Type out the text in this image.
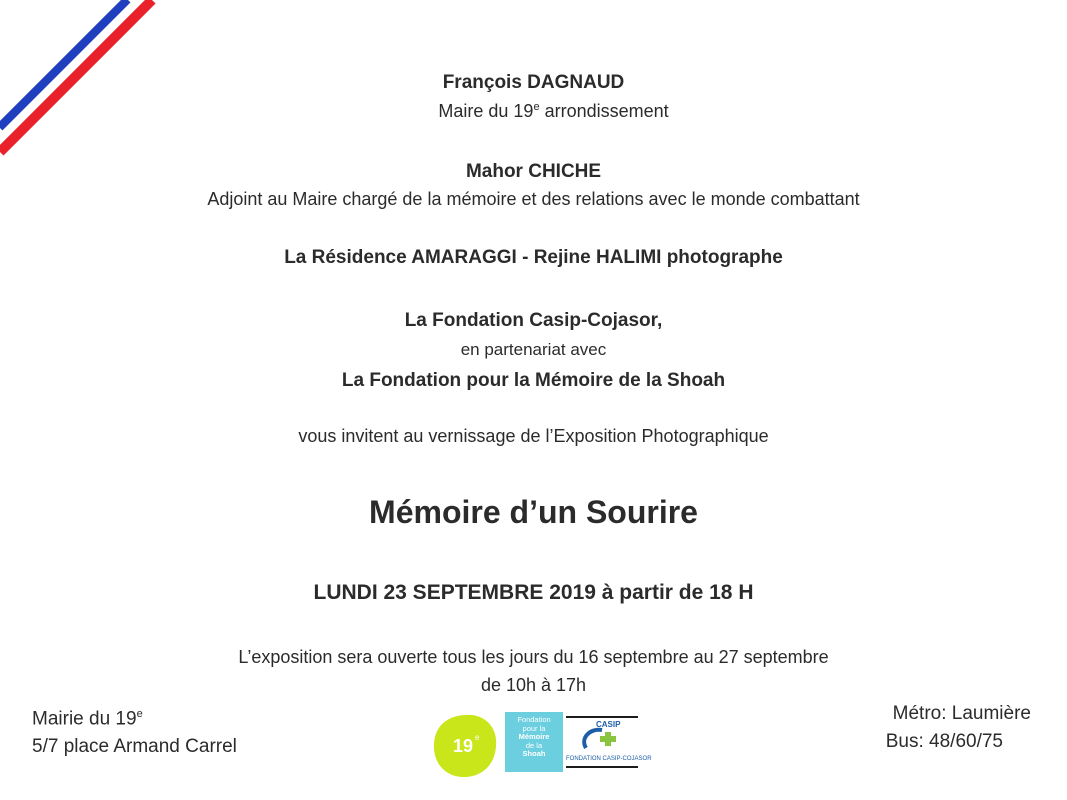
François DAGNAUD
Maire du 19e arrondissement
Mahor CHICHE
Adjoint au Maire chargé de la mémoire et des relations avec le monde combattant
La Résidence AMARAGGI - Rejine HALIMI photographe
La Fondation Casip-Cojasor,
en partenariat avec
La Fondation pour la Mémoire de la Shoah
vous invitent au vernissage de l’Exposition Photographique
Mémoire d’un Sourire
LUNDI 23 SEPTEMBRE 2019 à partir de 18 H
L’exposition sera ouverte tous les jours du 16 septembre au 27 septembre
de 10h à 17h
Mairie du 19e
5/7 place Armand Carrel
Métro: Laumière
Bus: 48/60/75
19 e
Fondation
pour la
Mémoire
de la
Shoah
CASIP
FONDATION CASIP-COJASOR
